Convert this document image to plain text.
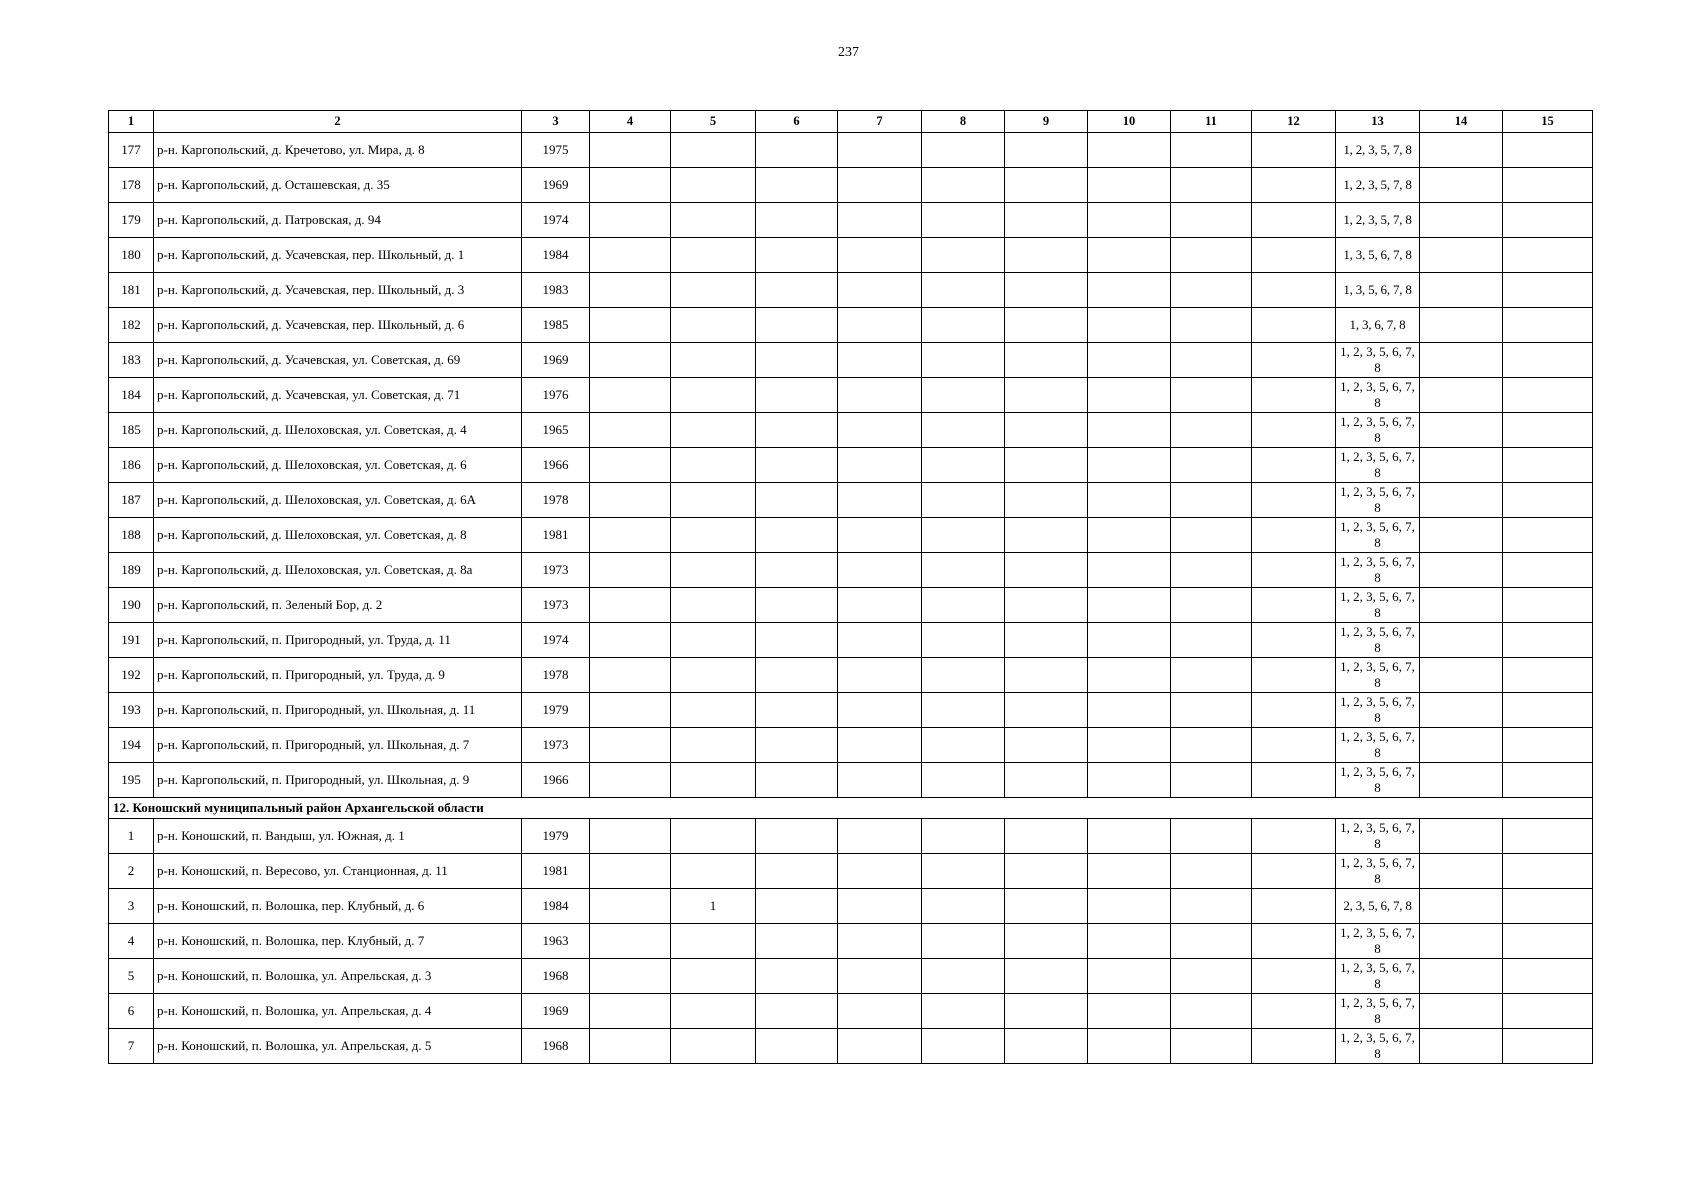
237
1	2	3	4	5	6	7	8	9	10	11	12	13	14	15
177	р-н. Каргопольский, д. Кречетово, ул. Мира, д. 8	1975										1, 2, 3, 5, 7, 8		
178	р-н. Каргопольский, д. Осташевская, д. 35	1969										1, 2, 3, 5, 7, 8		
179	р-н. Каргопольский, д. Патровская, д. 94	1974										1, 2, 3, 5, 7, 8		
180	р-н. Каргопольский, д. Усачевская, пер. Школьный, д. 1	1984										1, 3, 5, 6, 7, 8		
181	р-н. Каргопольский, д. Усачевская, пер. Школьный, д. 3	1983										1, 3, 5, 6, 7, 8		
182	р-н. Каргопольский, д. Усачевская, пер. Школьный, д. 6	1985										1, 3, 6, 7, 8		
183	р-н. Каргопольский, д. Усачевская, ул. Советская, д. 69	1969										1, 2, 3, 5, 6, 7, 8		
184	р-н. Каргопольский, д. Усачевская, ул. Советская, д. 71	1976										1, 2, 3, 5, 6, 7, 8		
185	р-н. Каргопольский, д. Шелоховская, ул. Советская, д. 4	1965										1, 2, 3, 5, 6, 7, 8		
186	р-н. Каргопольский, д. Шелоховская, ул. Советская, д. 6	1966										1, 2, 3, 5, 6, 7, 8		
187	р-н. Каргопольский, д. Шелоховская, ул. Советская, д. 6А	1978										1, 2, 3, 5, 6, 7, 8		
188	р-н. Каргопольский, д. Шелоховская, ул. Советская, д. 8	1981										1, 2, 3, 5, 6, 7, 8		
189	р-н. Каргопольский, д. Шелоховская, ул. Советская, д. 8а	1973										1, 2, 3, 5, 6, 7, 8		
190	р-н. Каргопольский, п. Зеленый Бор, д. 2	1973										1, 2, 3, 5, 6, 7, 8		
191	р-н. Каргопольский, п. Пригородный, ул. Труда, д. 11	1974										1, 2, 3, 5, 6, 7, 8		
192	р-н. Каргопольский, п. Пригородный, ул. Труда, д. 9	1978										1, 2, 3, 5, 6, 7, 8		
193	р-н. Каргопольский, п. Пригородный, ул. Школьная, д. 11	1979										1, 2, 3, 5, 6, 7, 8		
194	р-н. Каргопольский, п. Пригородный, ул. Школьная, д. 7	1973										1, 2, 3, 5, 6, 7, 8		
195	р-н. Каргопольский, п. Пригородный, ул. Школьная, д. 9	1966										1, 2, 3, 5, 6, 7, 8		
12. Коношский муниципальный район Архангельской области														
1	р-н. Коношский, п. Вандыш, ул. Южная, д. 1	1979										1, 2, 3, 5, 6, 7, 8		
2	р-н. Коношский, п. Вересово, ул. Станционная, д. 11	1981										1, 2, 3, 5, 6, 7, 8		
3	р-н. Коношский, п. Волошка, пер. Клубный, д. 6	1984		1								2, 3, 5, 6, 7, 8		
4	р-н. Коношский, п. Волошка, пер. Клубный, д. 7	1963										1, 2, 3, 5, 6, 7, 8		
5	р-н. Коношский, п. Волошка, ул. Апрельская, д. 3	1968										1, 2, 3, 5, 6, 7, 8		
6	р-н. Коношский, п. Волошка, ул. Апрельская, д. 4	1969										1, 2, 3, 5, 6, 7, 8		
7	р-н. Коношский, п. Волошка, ул. Апрельская, д. 5	1968										1, 2, 3, 5, 6, 7, 8		
